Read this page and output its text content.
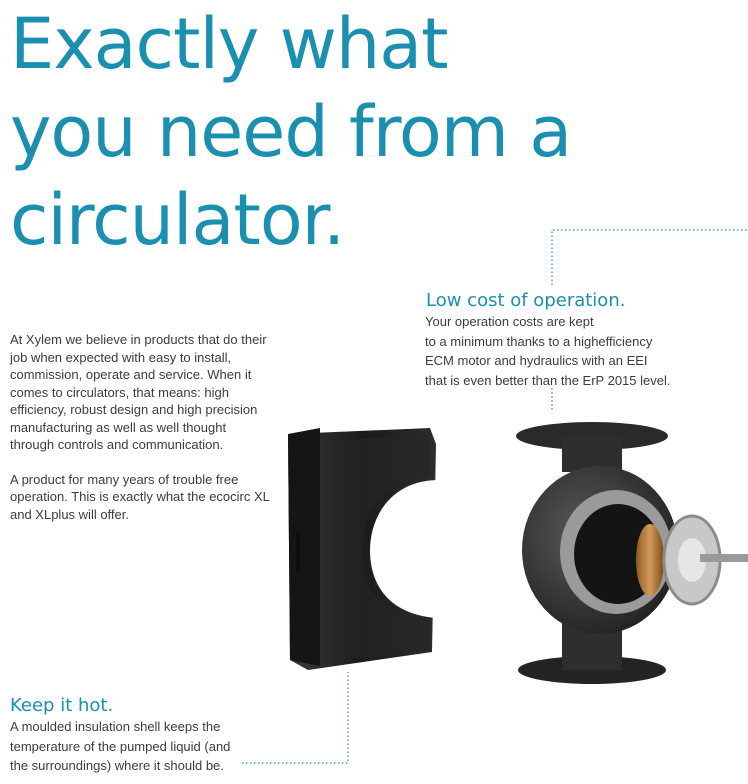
Exactly what
you need from a
circulator.

At Xylem we believe in products that do their job when expected with easy to install, commission, operate and service. When it comes to circulators, that means: high efficiency, robust design and high precision manufacturing as well as well thought through controls and communication.

A product for many years of trouble free operation. This is exactly what the ecocirc XL and XLplus will offer.

Low cost of operation.
Your operation costs are kept
to a minimum thanks to a highefficiency
ECM motor and hydraulics with an EEI
that is even better than the ErP 2015 level.
Keep it hot.
A moulded insulation shell keeps the
temperature of the pumped liquid (and
the surroundings) where it should be.
